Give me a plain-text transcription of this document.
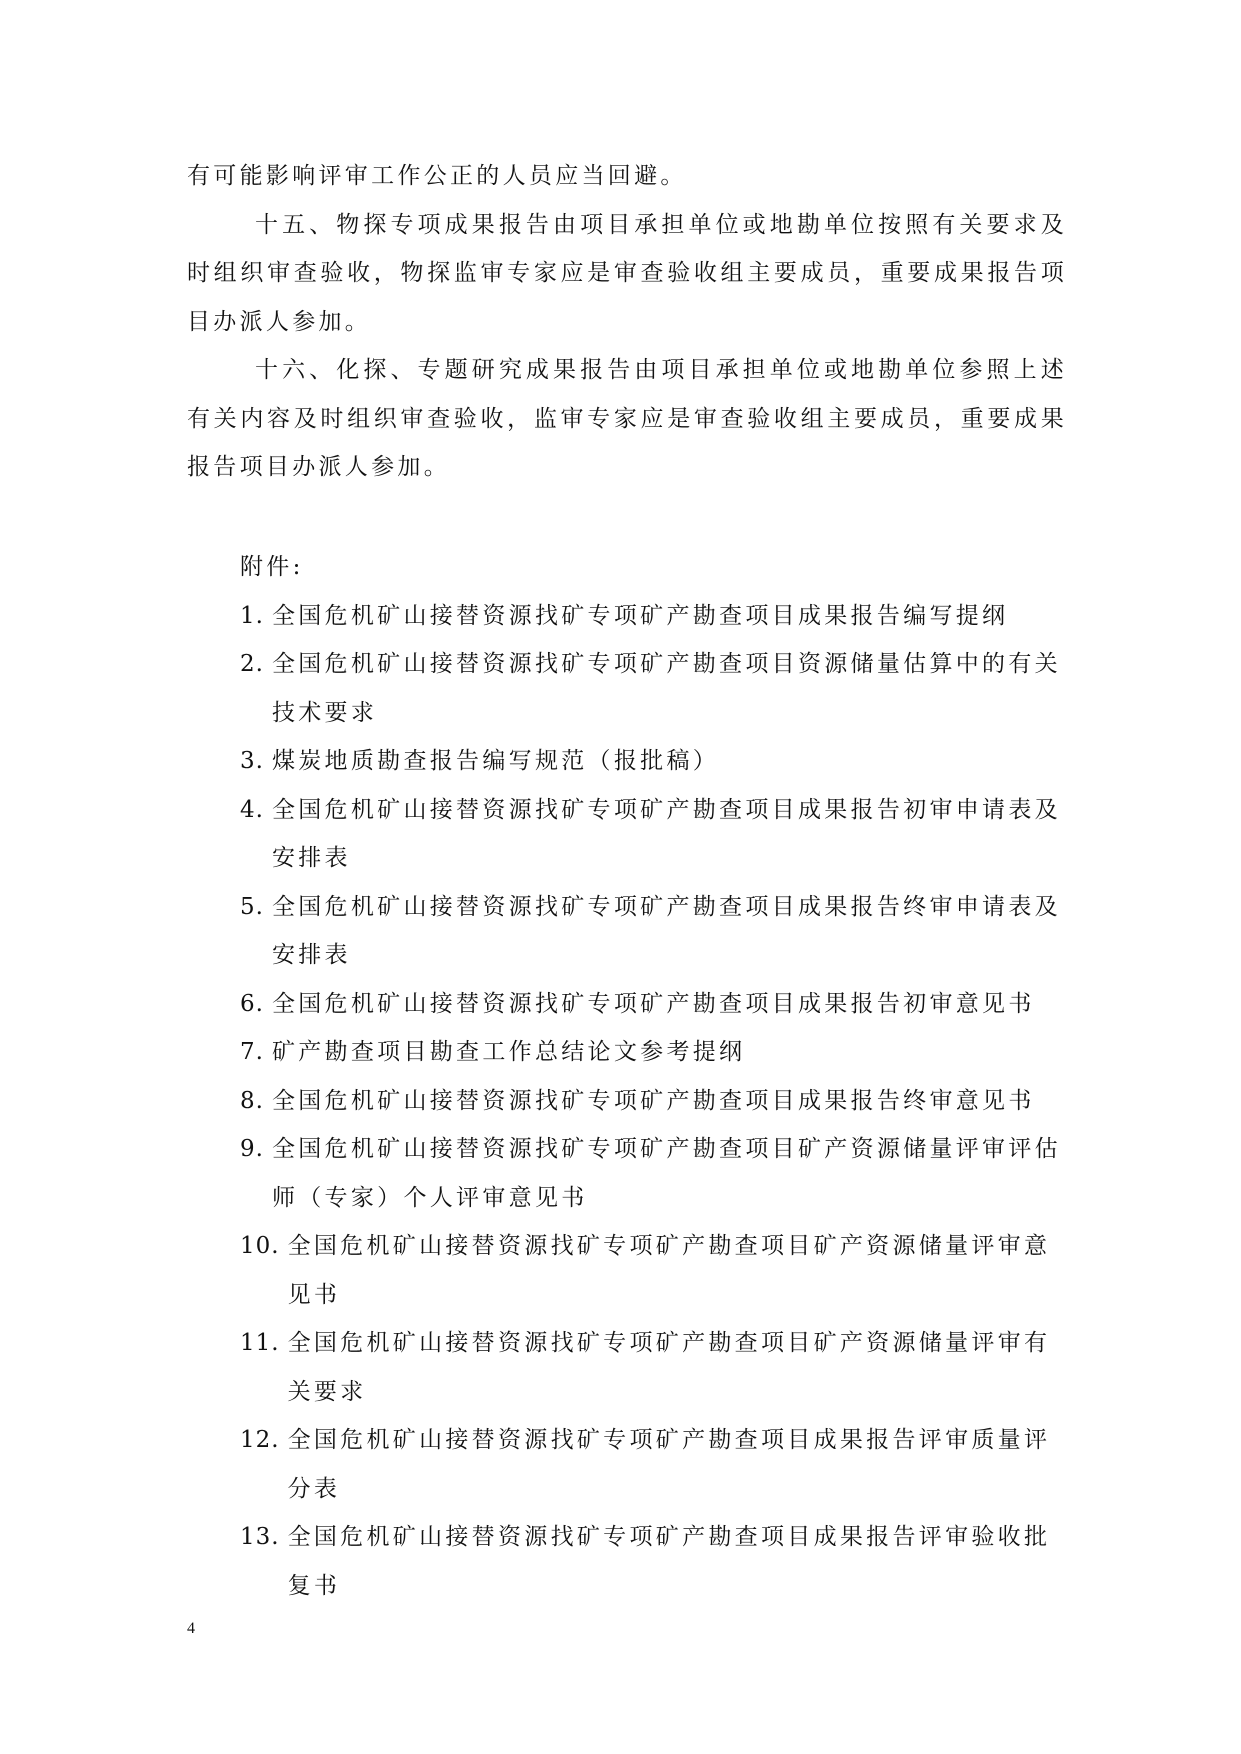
有可能影响评审工作公正的人员应当回避。

十五、物探专项成果报告由项目承担单位或地勘单位按照有关要求及时组织审查验收，物探监审专家应是审查验收组主要成员，重要成果报告项目办派人参加。

十六、化探、专题研究成果报告由项目承担单位或地勘单位参照上述有关内容及时组织审查验收，监审专家应是审查验收组主要成员，重要成果报告项目办派人参加。

附件:

1. 全国危机矿山接替资源找矿专项矿产勘查项目成果报告编写提纲
2. 全国危机矿山接替资源找矿专项矿产勘查项目资源储量估算中的有关技术要求
3. 煤炭地质勘查报告编写规范（报批稿）
4. 全国危机矿山接替资源找矿专项矿产勘查项目成果报告初审申请表及安排表
5. 全国危机矿山接替资源找矿专项矿产勘查项目成果报告终审申请表及安排表
6. 全国危机矿山接替资源找矿专项矿产勘查项目成果报告初审意见书
7. 矿产勘查项目勘查工作总结论文参考提纲
8. 全国危机矿山接替资源找矿专项矿产勘查项目成果报告终审意见书
9. 全国危机矿山接替资源找矿专项矿产勘查项目矿产资源储量评审评估师（专家）个人评审意见书
10. 全国危机矿山接替资源找矿专项矿产勘查项目矿产资源储量评审意见书
11. 全国危机矿山接替资源找矿专项矿产勘查项目矿产资源储量评审有关要求
12. 全国危机矿山接替资源找矿专项矿产勘查项目成果报告评审质量评分表
13. 全国危机矿山接替资源找矿专项矿产勘查项目成果报告评审验收批复书
4
